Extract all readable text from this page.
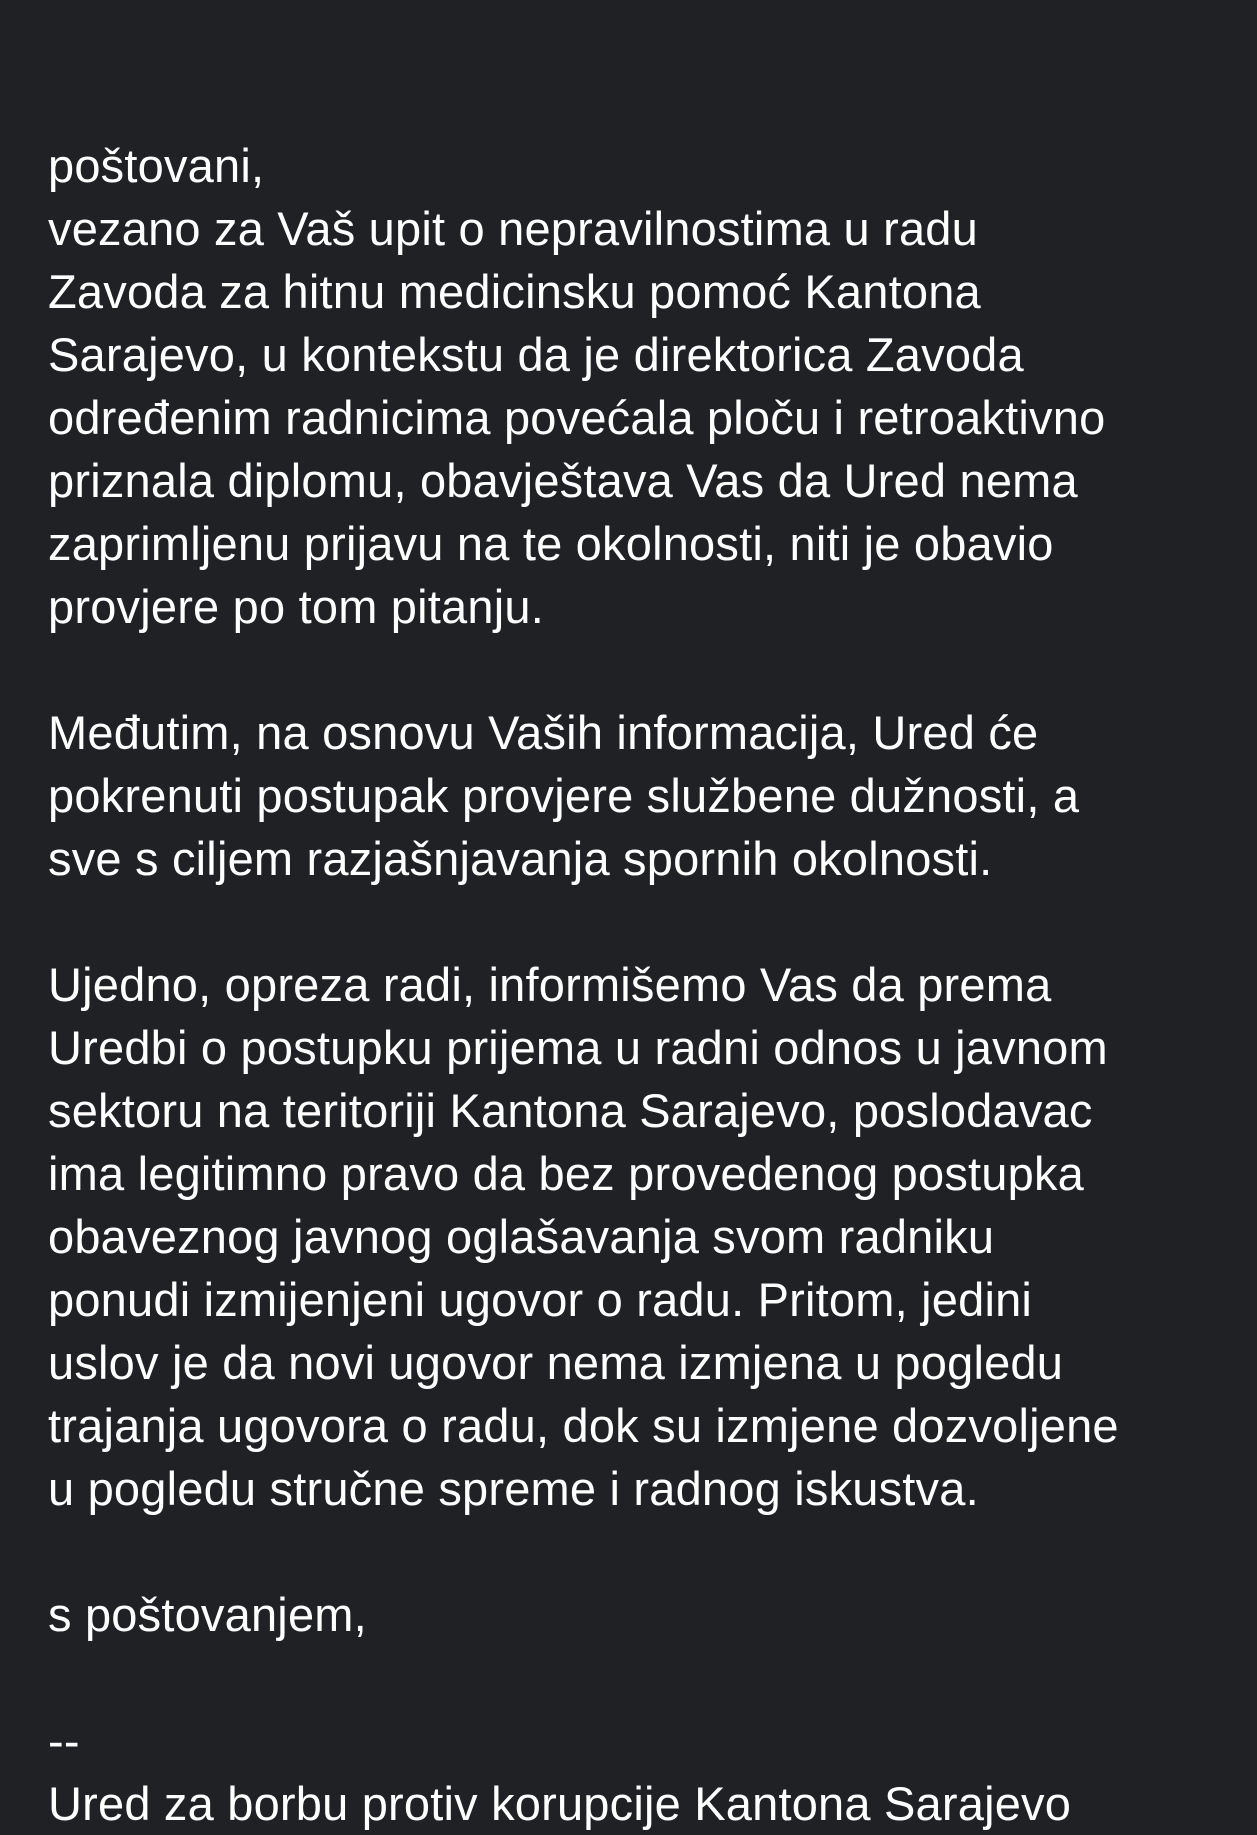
poštovani,
vezano za Vaš upit o nepravilnostima u radu
Zavoda za hitnu medicinsku pomoć Kantona
Sarajevo, u kontekstu da je direktorica Zavoda
određenim radnicima povećala ploču i retroaktivno
priznala diplomu, obavještava Vas da Ured nema
zaprimljenu prijavu na te okolnosti, niti je obavio
provjere po tom pitanju.
Međutim, na osnovu Vaših informacija, Ured će
pokrenuti postupak provjere službene dužnosti, a
sve s ciljem razjašnjavanja spornih okolnosti.
Ujedno, opreza radi, informišemo Vas da prema
Uredbi o postupku prijema u radni odnos u javnom
sektoru na teritoriji Kantona Sarajevo, poslodavac
ima legitimno pravo da bez provedenog postupka
obaveznog javnog oglašavanja svom radniku
ponudi izmijenjeni ugovor o radu. Pritom, jedini
uslov je da novi ugovor nema izmjena u pogledu
trajanja ugovora o radu, dok su izmjene dozvoljene
u pogledu stručne spreme i radnog iskustva.
s poštovanjem,
--
Ured za borbu protiv korupcije Kantona Sarajevo
